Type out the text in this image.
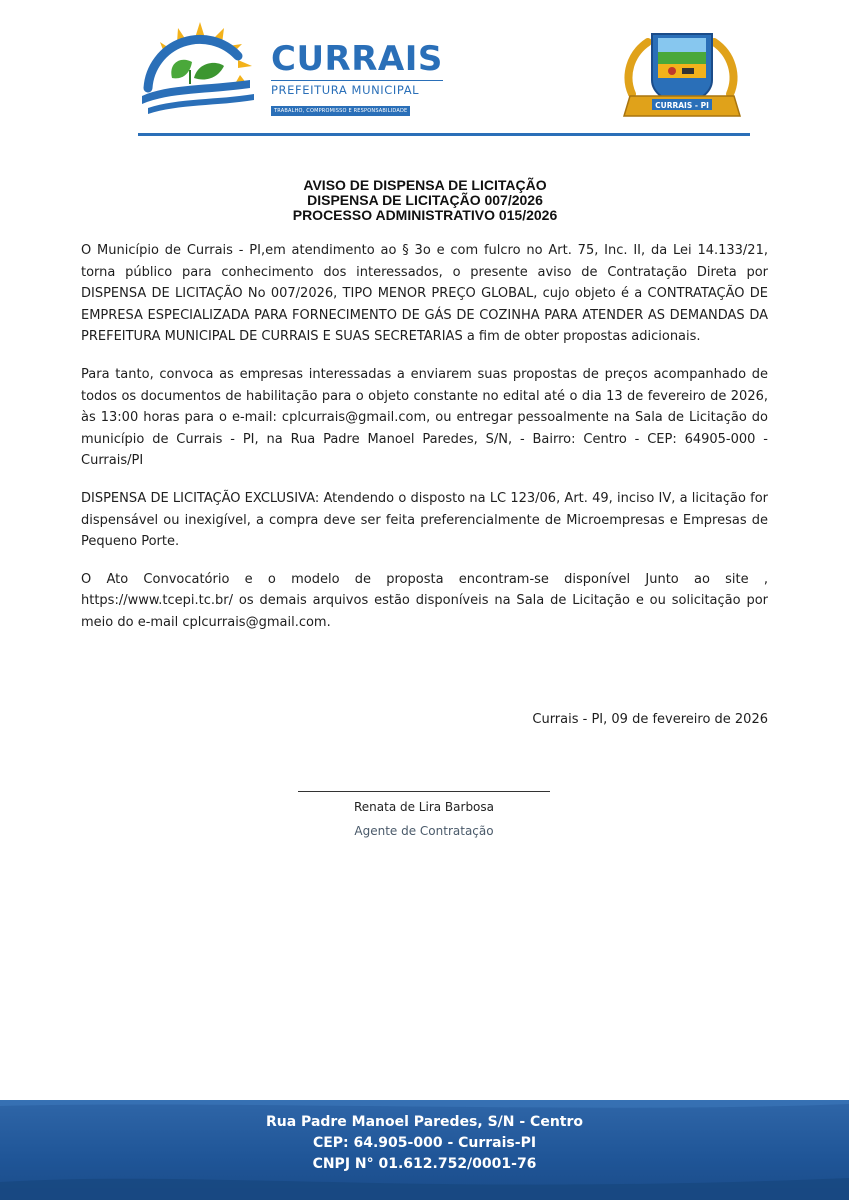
CURRAIS
PREFEITURA MUNICIPAL
TRABALHO, COMPROMISSO E RESPONSABILIDADE
CURRAIS - PI
AVISO DE DISPENSA DE LICITAÇÃO
DISPENSA DE LICITAÇÃO 007/2026
PROCESSO ADMINISTRATIVO 015/2026

O Município de Currais - PI,em atendimento ao § 3o e com fulcro no Art. 75, Inc. II, da Lei 14.133/21, torna público para conhecimento dos interessados, o presente aviso de Contratação Direta por DISPENSA DE LICITAÇÃO No 007/2026, TIPO MENOR PREÇO GLOBAL, cujo objeto é a CONTRATAÇÃO DE EMPRESA ESPECIALIZADA PARA FORNECIMENTO DE GÁS DE COZINHA PARA ATENDER AS DEMANDAS DA PREFEITURA MUNICIPAL DE CURRAIS E SUAS SECRETARIAS a fim de obter propostas adicionais.

Para tanto, convoca as empresas interessadas a enviarem suas propostas de preços acompanhado de todos os documentos de habilitação para o objeto constante no edital até o dia 13 de fevereiro de 2026, às 13:00 horas para o e-mail: cplcurrais@gmail.com, ou entregar pessoalmente na Sala de Licitação do município de Currais - PI, na Rua Padre Manoel Paredes, S/N, - Bairro: Centro - CEP: 64905-000 - Currais/PI

DISPENSA DE LICITAÇÃO EXCLUSIVA: Atendendo o disposto na LC 123/06, Art. 49, inciso IV, a licitação for dispensável ou inexigível, a compra deve ser feita preferencialmente de Microempresas e Empresas de Pequeno Porte.

O Ato Convocatório e o modelo de proposta encontram-se disponível Junto ao site , https://www.tcepi.tc.br/ os demais arquivos estão disponíveis na Sala de Licitação e ou solicitação por meio do e-mail cplcurrais@gmail.com.

Currais - PI, 09 de fevereiro de 2026
Renata de Lira Barbosa
Agente de Contratação
Rua Padre Manoel Paredes, S/N - Centro
CEP: 64.905-000 - Currais-PI
CNPJ N° 01.612.752/0001-76
